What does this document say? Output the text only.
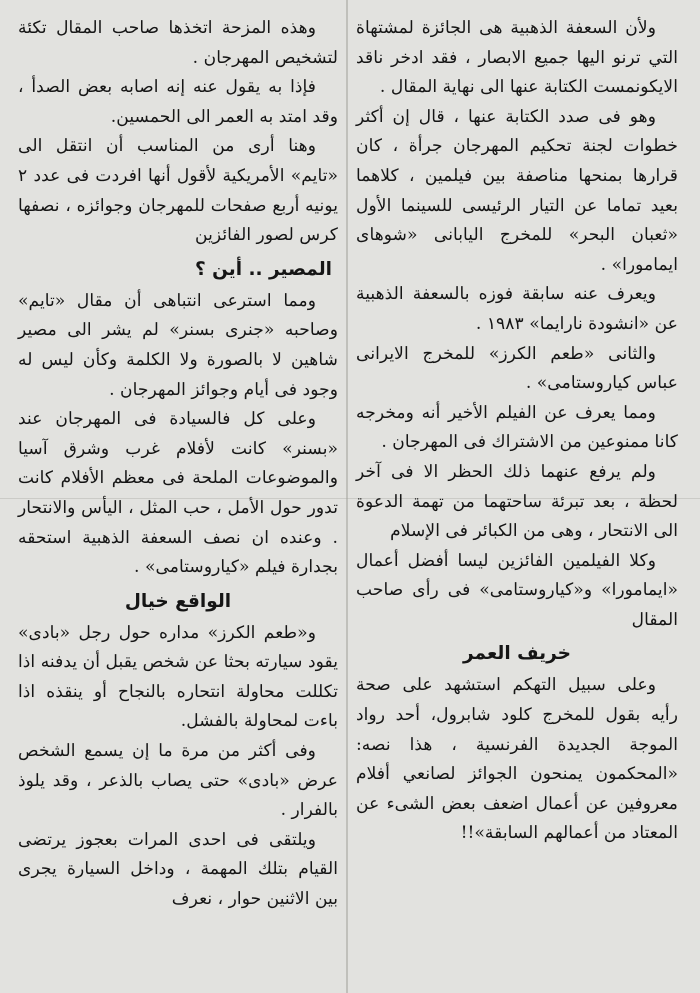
ولأن السعفة الذهبية هى الجائزة لمشتهاة التي ترنو اليها جميع الابصار ، فقد ادخر ناقد الايكونمست الكتابة عنها الى نهاية المقال .

وهو فى صدد الكتابة عنها ، قال إن أكثر خطوات لجنة تحكيم المهرجان جرأة ، كان قرارها بمنحها مناصفة بين فيلمين ، كلاهما بعيد تماما عن التيار الرئيسى للسينما الأول «ثعبان البحر» للمخرج اليابانى «شوهاى ايمامورا» .

ويعرف عنه سابقة فوزه بالسعفة الذهبية عن «انشودة نارايما» ١٩٨٣ .

والثانى «طعم الكرز» للمخرج الايرانى عباس كياروستامى» .

ومما يعرف عن الفيلم الأخير أنه ومخرجه كانا ممنوعين من الاشتراك فى المهرجان .

ولم يرفع عنهما ذلك الحظر الا فى آخر لحظة ، بعد تبرئة ساحتهما من تهمة الدعوة الى الانتحار ، وهى من الكبائر فى الإسلام

وكلا الفيلمين الفائزين ليسا أفضل أعمال «ايمامورا» و«كياروستامى» فى رأى صاحب المقال

خريف العمر

وعلى سبيل التهكم استشهد على صحة رأيه بقول للمخرج كلود شابرول، أحد رواد الموجة الجديدة الفرنسية ، هذا نصه: «المحكمون يمنحون الجوائز لصانعي أفلام معروفين عن أعمال اضعف بعض الشىء عن المعتاد من أعمالهم السابقة»!!

وهذه المزحة اتخذها صاحب المقال تكئة لتشخيص المهرجان .

فإذا به يقول عنه إنه اصابه بعض الصدأ ، وقد امتد به العمر الى الحمسين.

وهنا أرى من المناسب أن انتقل الى «تايم» الأمريكية لأقول أنها افردت فى عدد ٢ يونيه أربع صفحات للمهرجان وجوائزه ، نصفها كرس لصور الفائزين

المصير .. أين ؟

ومما استرعى انتباهى أن مقال «تايم» وصاحبه «جنرى بسنر» لم يشر الى مصير شاهين لا بالصورة ولا الكلمة وكأن ليس له وجود فى أيام وجوائز المهرجان .

وعلى كل فالسيادة فى المهرجان عند «بسنر» كانت لأفلام غرب وشرق آسيا والموضوعات الملحة فى معظم الأفلام كانت تدور حول الأمل ، حب المثل ، اليأس والانتحار . وعنده ان نصف السعفة الذهبية استحقه بجدارة فيلم «كياروستامى» .

الواقع خيال

و«طعم الكرز» مداره حول رجل «بادى» يقود سيارته بحثا عن شخص يقبل أن يدفنه اذا تكللت محاولة انتحاره بالنجاح أو ينقذه اذا باءت لمحاولة بالفشل.

وفى أكثر من مرة ما إن يسمع الشخص عرض «بادى» حتى يصاب بالذعر ، وقد يلوذ بالفرار .

ويلتقى فى احدى المرات بعجوز يرتضى القيام بتلك المهمة ، وداخل السيارة يجرى بين الاثنين حوار ، نعرف
